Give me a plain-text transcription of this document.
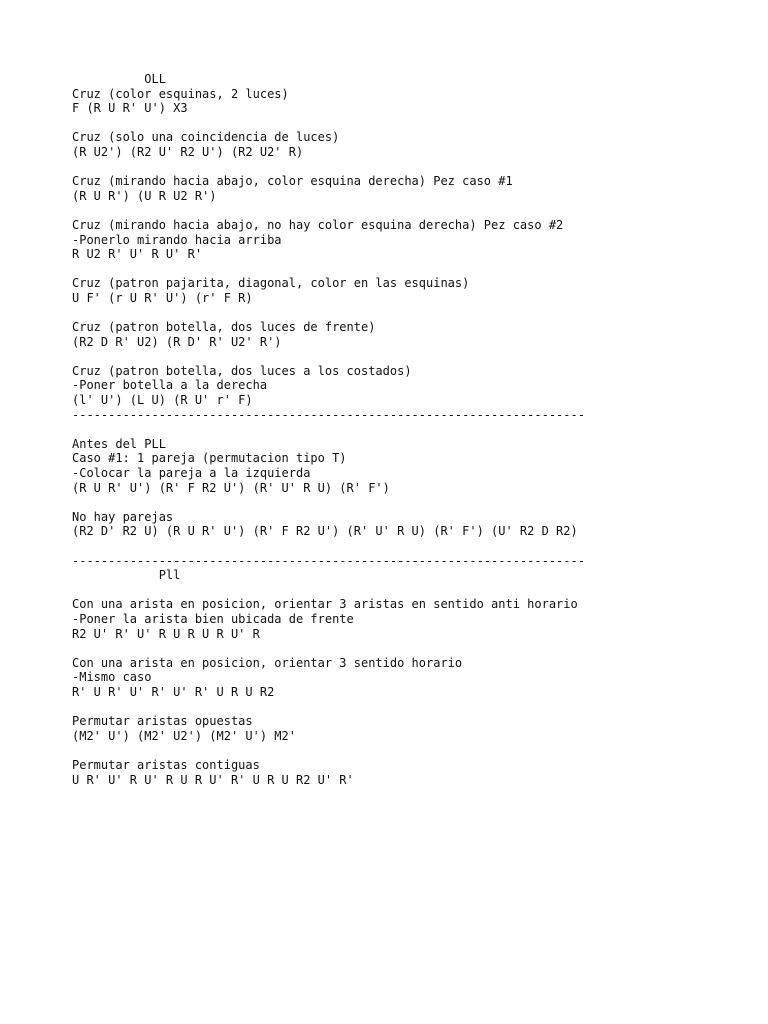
OLL
Cruz (color esquinas, 2 luces)
F (R U R' U') X3
Cruz (solo una coincidencia de luces)
(R U2') (R2 U' R2 U') (R2 U2' R)
Cruz (mirando hacia abajo, color esquina derecha) Pez caso #1
(R U R') (U R U2 R')
Cruz (mirando hacia abajo, no hay color esquina derecha) Pez caso #2
-Ponerlo mirando hacia arriba
R U2 R' U' R U' R'
Cruz (patron pajarita, diagonal, color en las esquinas)
U F' (r U R' U') (r' F R)
Cruz (patron botella, dos luces de frente)
(R2 D R' U2) (R D' R' U2' R')
Cruz (patron botella, dos luces a los costados)
-Poner botella a la derecha
(l' U') (L U) (R U' r' F)
-----------------------------------------------------------------------
Antes del PLL
Caso #1: 1 pareja (permutacion tipo T)
-Colocar la pareja a la izquierda
(R U R' U') (R' F R2 U') (R' U' R U) (R' F')
No hay parejas
(R2 D' R2 U) (R U R' U') (R' F R2 U') (R' U' R U) (R' F') (U' R2 D R2)
-----------------------------------------------------------------------
Pll
Con una arista en posicion, orientar 3 aristas en sentido anti horario
-Poner la arista bien ubicada de frente
R2 U' R' U' R U R U R U' R
Con una arista en posicion, orientar 3 sentido horario
-Mismo caso
R' U R' U' R' U' R' U R U R2
Permutar aristas opuestas
(M2' U') (M2' U2') (M2' U') M2'
Permutar aristas contiguas
U R' U' R U' R U R U' R' U R U R2 U' R'
